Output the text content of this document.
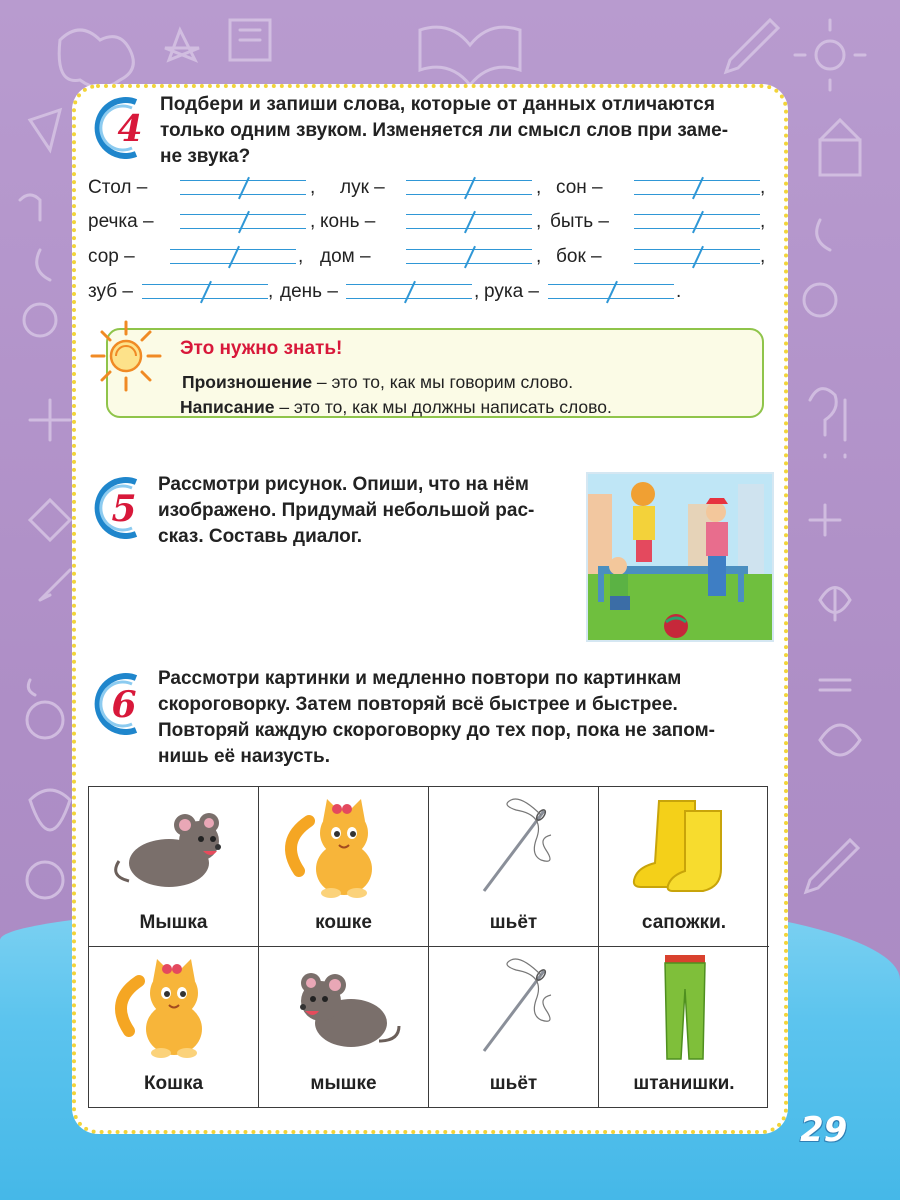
4
Подбери и запиши слова, которые от данных отличаются
только одним звуком. Изменяется ли смысл слов при заме-
не звука?
Стол –	, лук –	, сон –	,
речка –	, конь –	, быть –	,
сор –	, дом –	, бок –	,
зуб –	, день –	, рука –	.
Это нужно знать!
Произношение – это то, как мы говорим слово.
Написание – это то, как мы должны написать слово.
5
Рассмотри рисунок. Опиши, что на нём
изображено. Придумай небольшой рас-
сказ. Составь диалог.
6
Рассмотри картинки и медленно повтори по картинкам
скороговорку. Затем повторяй всё быстрее и быстрее.
Повторяй каждую скороговорку до тех пор, пока не запом-
нишь её наизусть.
Мышка	кошке	шьёт	сапожки.
Кошка	мышке	шьёт	штанишки.
29
